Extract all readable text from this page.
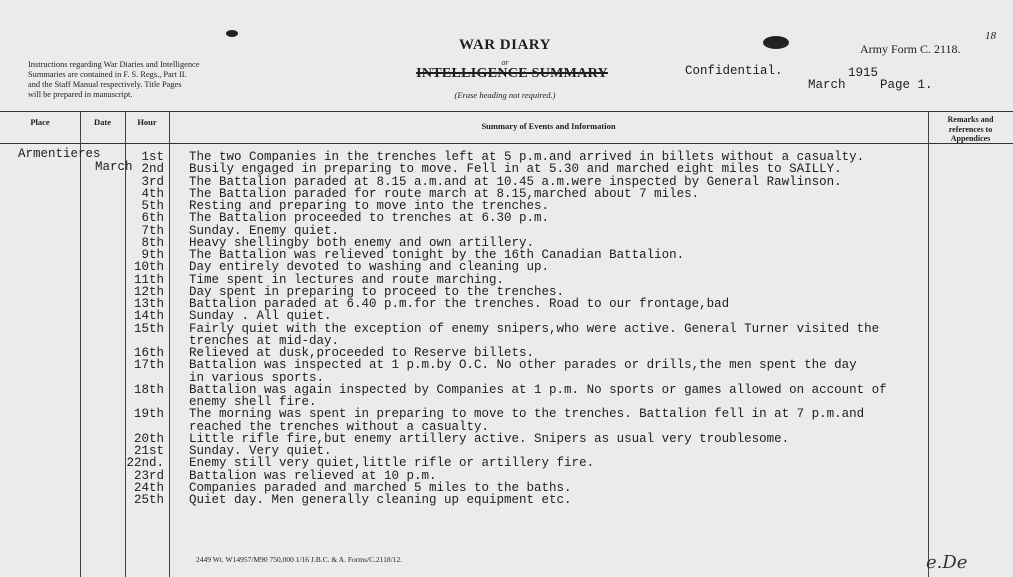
Instructions regarding War Diaries and Intelligence
Summaries are contained in F. S. Regs., Part II.
and the Staff Manual respectively. Title Pages
will be prepared in manuscript.
WAR DIARY
or
INTELLIGENCE SUMMARY
(Erase heading not required.)
Army Form C. 2118.
18
Confidential.	1915
March	Page 1.
Place	Date	Hour	Summary of Events and Information
Remarks and
references to
Appendices
Armentieres
March
1st The two Companies in the trenches left at 5 p.m.and arrived in billets without a casualty.
2nd Busily engaged in preparing to move. Fell in at 5.30 and marched eight miles to SAILLY.
3rd The Battalion paraded at 8.15 a.m.and at 10.45 a.m.were inspected by General Rawlinson.
4th The Battalion paraded for route march at 8.15,marched about 7 miles.
5th Resting and preparing to move into the trenches.
6th The Battalion proceeded to trenches at 6.30 p.m.
7th Sunday. Enemy quiet.
8th Heavy shellingby both enemy and own artillery.
9th The Battalion was relieved tonight by the 16th Canadian Battalion.
10th Day entirely devoted to washing and cleaning up.
11th Time spent in lectures and route marching.
12th Day spent in preparing to proceed to the trenches.
13th Battalion paraded at 6.40 p.m.for the trenches. Road to our frontage,bad
14th Sunday . All quiet.
15th Fairly quiet with the exception of enemy snipers,who were active. General Turner visited the
trenches at mid-day.
16th Relieved at dusk,proceeded to Reserve billets.
17th Battalion was inspected at 1 p.m.by O.C. No other parades or drills,the men spent the day
in various sports.
18th Battalion was again inspected by Companies at 1 p.m. No sports or games allowed on account of
enemy shell fire.
19th The morning was spent in preparing to move to the trenches. Battalion fell in at 7 p.m.and
reached the trenches without a casualty.
20th Little rifle fire,but enemy artillery active. Snipers as usual very troublesome.
21st Sunday. Very quiet.
22nd. Enemy still very quiet,little rifle or artillery fire.
23rd Battalion was relieved at 10 p.m.
24th Companies paraded and marched 5 miles to the baths.
25th Quiet day. Men generally cleaning up equipment etc.
2449 Wt. W14957/M90 750,000 1/16 J.B.C. & A. Forms/C.2118/12.	e.De
